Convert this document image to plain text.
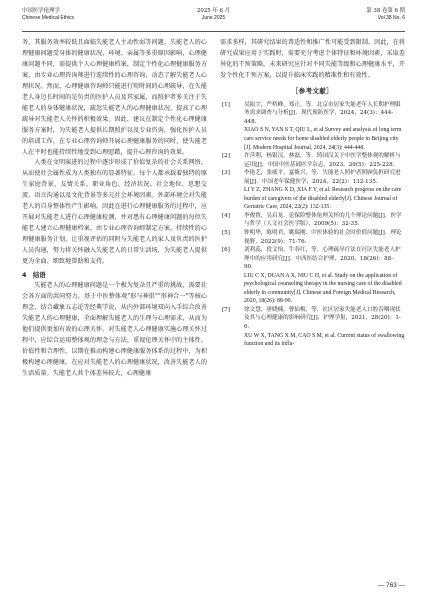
中国医学伦理学
Chinese Medical Ethics
2025 年 6 月
June 2025
第 38 卷第 6 期
Vol.38 No. 6

务，其服务效率较低且面临失能老人主动性弱等问题。失能老人的心理健康问题受身体的健康状况、环境、亲属等多重原因影响，心理健康问题不同，需提供个人心理健康档案，制定个性化心理健康服务方案，由专业心理咨询师进行连续性的心理咨询，动态了解失能老人心理状况。然而，心理健康咨询师只能进行短时间的心理疏导，在失能老人身边长时间的是负责的医护人员及其家属，而照护者多关注于失能老人的身体健康状况，疏忽失能老人的心理健康状况，提高了心理疏导对失能老人关怀的积极效果。因此，建议在制定个性化心理健康服务方案时，为失能老人提供长期照护以及专业咨询，强化医护人员的培训工作，在专业心理咨询师开展心理健康服务的同时，使失能老人在平时也能持续性地受到心理慰藉，提升心理咨询的效果。

人类在文明演进的过程中逐步形成了价值复杂的社会关系网络，从而使社会属性成为人类独有的显著特征。每个人都承载着独特的原生家庭背景、友情关系、职业角色、经济状况、社会地位、思想交流、语言沟通以及文化背景等多元社会环境因素。外部环境会对失能老人的自身整体性产生影响。因此在进行心理健康服务的过程中，应开展对失能老人进行心理健康检测，并对患有心理健康问题的每位失能老人建立心理健康档案。由专业心理咨询师制定方案，持续性的心理健康服务计划，让重视评估的同时与失能老人的家人及负责的医护人员沟通，努力将关怀融入失能老人的日常生活场，为失能老人提供更为全面、细致地帮助和支持。

4　结语

失能老人的心理健康问题是一个极为复杂且严重的挑战，需要社会各方面的共同努力。基于中医整体观"形与神俱""形神合一"等核心理念，结合藏象五志论等经典学说，从内外部环境双向入手综合改善失能老人的心理健康，全面理解失能老人的生理与心理需求，从而为他们提供更加有效的心理关怀。对失能老人心理健康实施心理关怀过程中，应综合运用整体观的理念与方法，重视伦理关怀中的主体性、价值性和合理性，以期在推动构建心理健康服务体系的过程中，为积极构建心理健康，在应对失能老人的心理健康状况，改善失能老人的生活质量。失能老人共个体差异较大，心理健康

需求多样，其研究结果的普适性和推广性可能受到限制。因此，在将研究成果应用于实践时，需要充分考虑个体特征和环境因素，采取差异化的干预策略。未来研究应针对不同失能等级和心理健康水平，开发个性化干预方案，以提升临床实践的精准性和有效性。

［参考文献］
[1]	吴振宇，严桥峰，郑正，等．北京市居家失能老年人长期护理服务需求调查与分析[J]．现代预防医学，2024，24(3)：444-448．
XIAO S N, YAN S T, QIU L, et al.Survey and analysis of long term care service needs for home disabled elderly people in Beijing city [J]. Modern Hospital Journal, 2024, 24(3): 444-448.
[2]	许萍利，杨银汉，林磊，等．铸国汉关于中医学整体观的解析与运用[J]．中国中医基础医学杂志，2023，29(5)：225-228．
[3]	李艳艺，张威平，夏筱兴，等．失能老人照护者照顾负担研究进展[J]．中国老年保健医学，2024，22(2)：132-135．
LI Y Z, ZHANG X D, XIA F Y, et al. Research progress on the care burden of caregivers of the disabled elderly[J]. Chinese Journal of Geriatric Care, 2024, 22(2): 132-135.
[4]	李俊鲁，吴启龙．论保险整体伦理关怀的几个理论问题[J]．医学与哲学（人文社会医学版），2009(5)：32-35．
[5]	钟明华，陈明君，姚瑞刚．中医体验的社会时价值问题[J]．理论视野，2022(9)：71-76．
[6]	刘利蕊，段文怡，牛春红，等．心理疏导疗法在社区失能老人护理中的应用研究[J]．中西医结合护理，2020，18(26)：88-90．
LIU C X, DUAN A X, NIU C H, et al. Study on the application of psychological counseling therapy in the nursing care of the disabled elderly in community[J]. Chinese and Foreign Medical Research, 2020, 18(26): 88-90.
[7]	徐文慧，唐晓楠，曹仙梅，等．社区居家失能老人口腔吞咽现状及其与心理健康的影响研究[J]．护理学报，2021，28(20)：1-6．
XU W X, TANG X M, CAO S M, et al. Current status of swallowing function and its influ-
— 763 —
